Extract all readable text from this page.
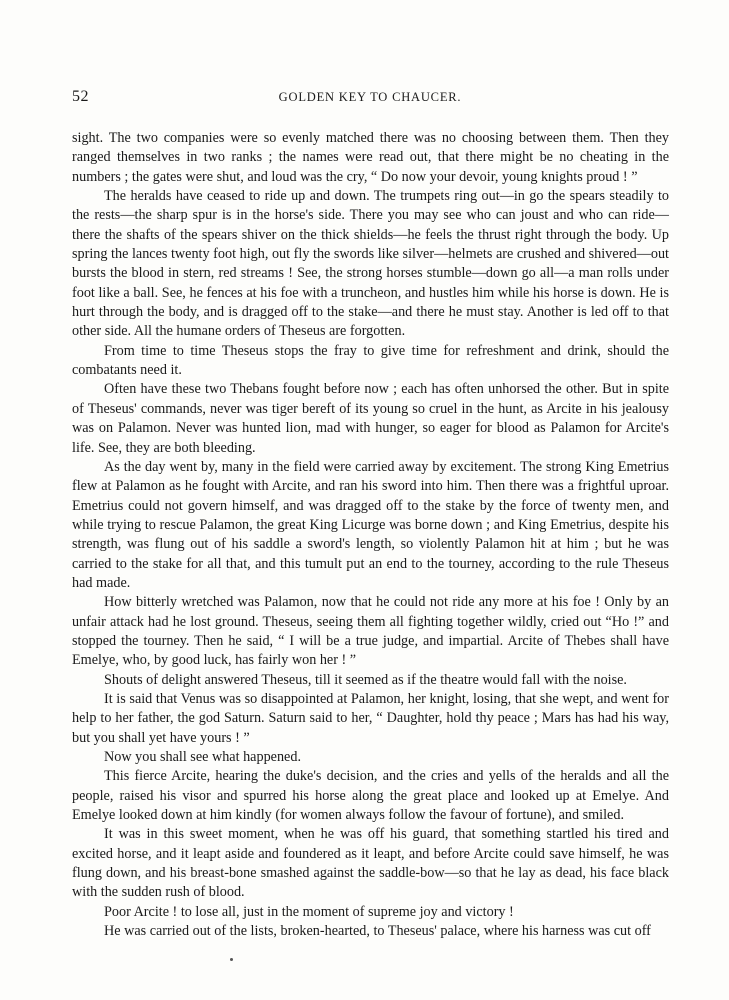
52	GOLDEN KEY TO CHAUCER.

sight. The two companies were so evenly matched there was no choosing between them. Then they ranged themselves in two ranks ; the names were read out, that there might be no cheating in the numbers ; the gates were shut, and loud was the cry, “ Do now your devoir, young knights proud ! ”

The heralds have ceased to ride up and down. The trumpets ring out—in go the spears steadily to the rests—the sharp spur is in the horse's side. There you may see who can joust and who can ride—there the shafts of the spears shiver on the thick shields—he feels the thrust right through the body. Up spring the lances twenty foot high, out fly the swords like silver—helmets are crushed and shivered—out bursts the blood in stern, red streams ! See, the strong horses stumble—down go all—a man rolls under foot like a ball. See, he fences at his foe with a truncheon, and hustles him while his horse is down. He is hurt through the body, and is dragged off to the stake—and there he must stay. Another is led off to that other side. All the humane orders of Theseus are forgotten.

From time to time Theseus stops the fray to give time for refreshment and drink, should the combatants need it.

Often have these two Thebans fought before now ; each has often unhorsed the other. But in spite of Theseus' commands, never was tiger bereft of its young so cruel in the hunt, as Arcite in his jealousy was on Palamon. Never was hunted lion, mad with hunger, so eager for blood as Palamon for Arcite's life. See, they are both bleeding.

As the day went by, many in the field were carried away by excitement. The strong King Emetrius flew at Palamon as he fought with Arcite, and ran his sword into him. Then there was a frightful uproar. Emetrius could not govern himself, and was dragged off to the stake by the force of twenty men, and while trying to rescue Palamon, the great King Licurge was borne down ; and King Emetrius, despite his strength, was flung out of his saddle a sword's length, so violently Palamon hit at him ; but he was carried to the stake for all that, and this tumult put an end to the tourney, according to the rule Theseus had made.

How bitterly wretched was Palamon, now that he could not ride any more at his foe ! Only by an unfair attack had he lost ground. Theseus, seeing them all fighting together wildly, cried out “Ho !” and stopped the tourney. Then he said, “ I will be a true judge, and impartial. Arcite of Thebes shall have Emelye, who, by good luck, has fairly won her ! ”

Shouts of delight answered Theseus, till it seemed as if the theatre would fall with the noise.

It is said that Venus was so disappointed at Palamon, her knight, losing, that she wept, and went for help to her father, the god Saturn. Saturn said to her, “ Daughter, hold thy peace ; Mars has had his way, but you shall yet have yours ! ”

Now you shall see what happened.

This fierce Arcite, hearing the duke's decision, and the cries and yells of the heralds and all the people, raised his visor and spurred his horse along the great place and looked up at Emelye. And Emelye looked down at him kindly (for women always follow the favour of fortune), and smiled.

It was in this sweet moment, when he was off his guard, that something startled his tired and excited horse, and it leapt aside and foundered as it leapt, and before Arcite could save himself, he was flung down, and his breast-bone smashed against the saddle-bow—so that he lay as dead, his face black with the sudden rush of blood.

Poor Arcite ! to lose all, just in the moment of supreme joy and victory !

He was carried out of the lists, broken-hearted, to Theseus' palace, where his harness was cut off
